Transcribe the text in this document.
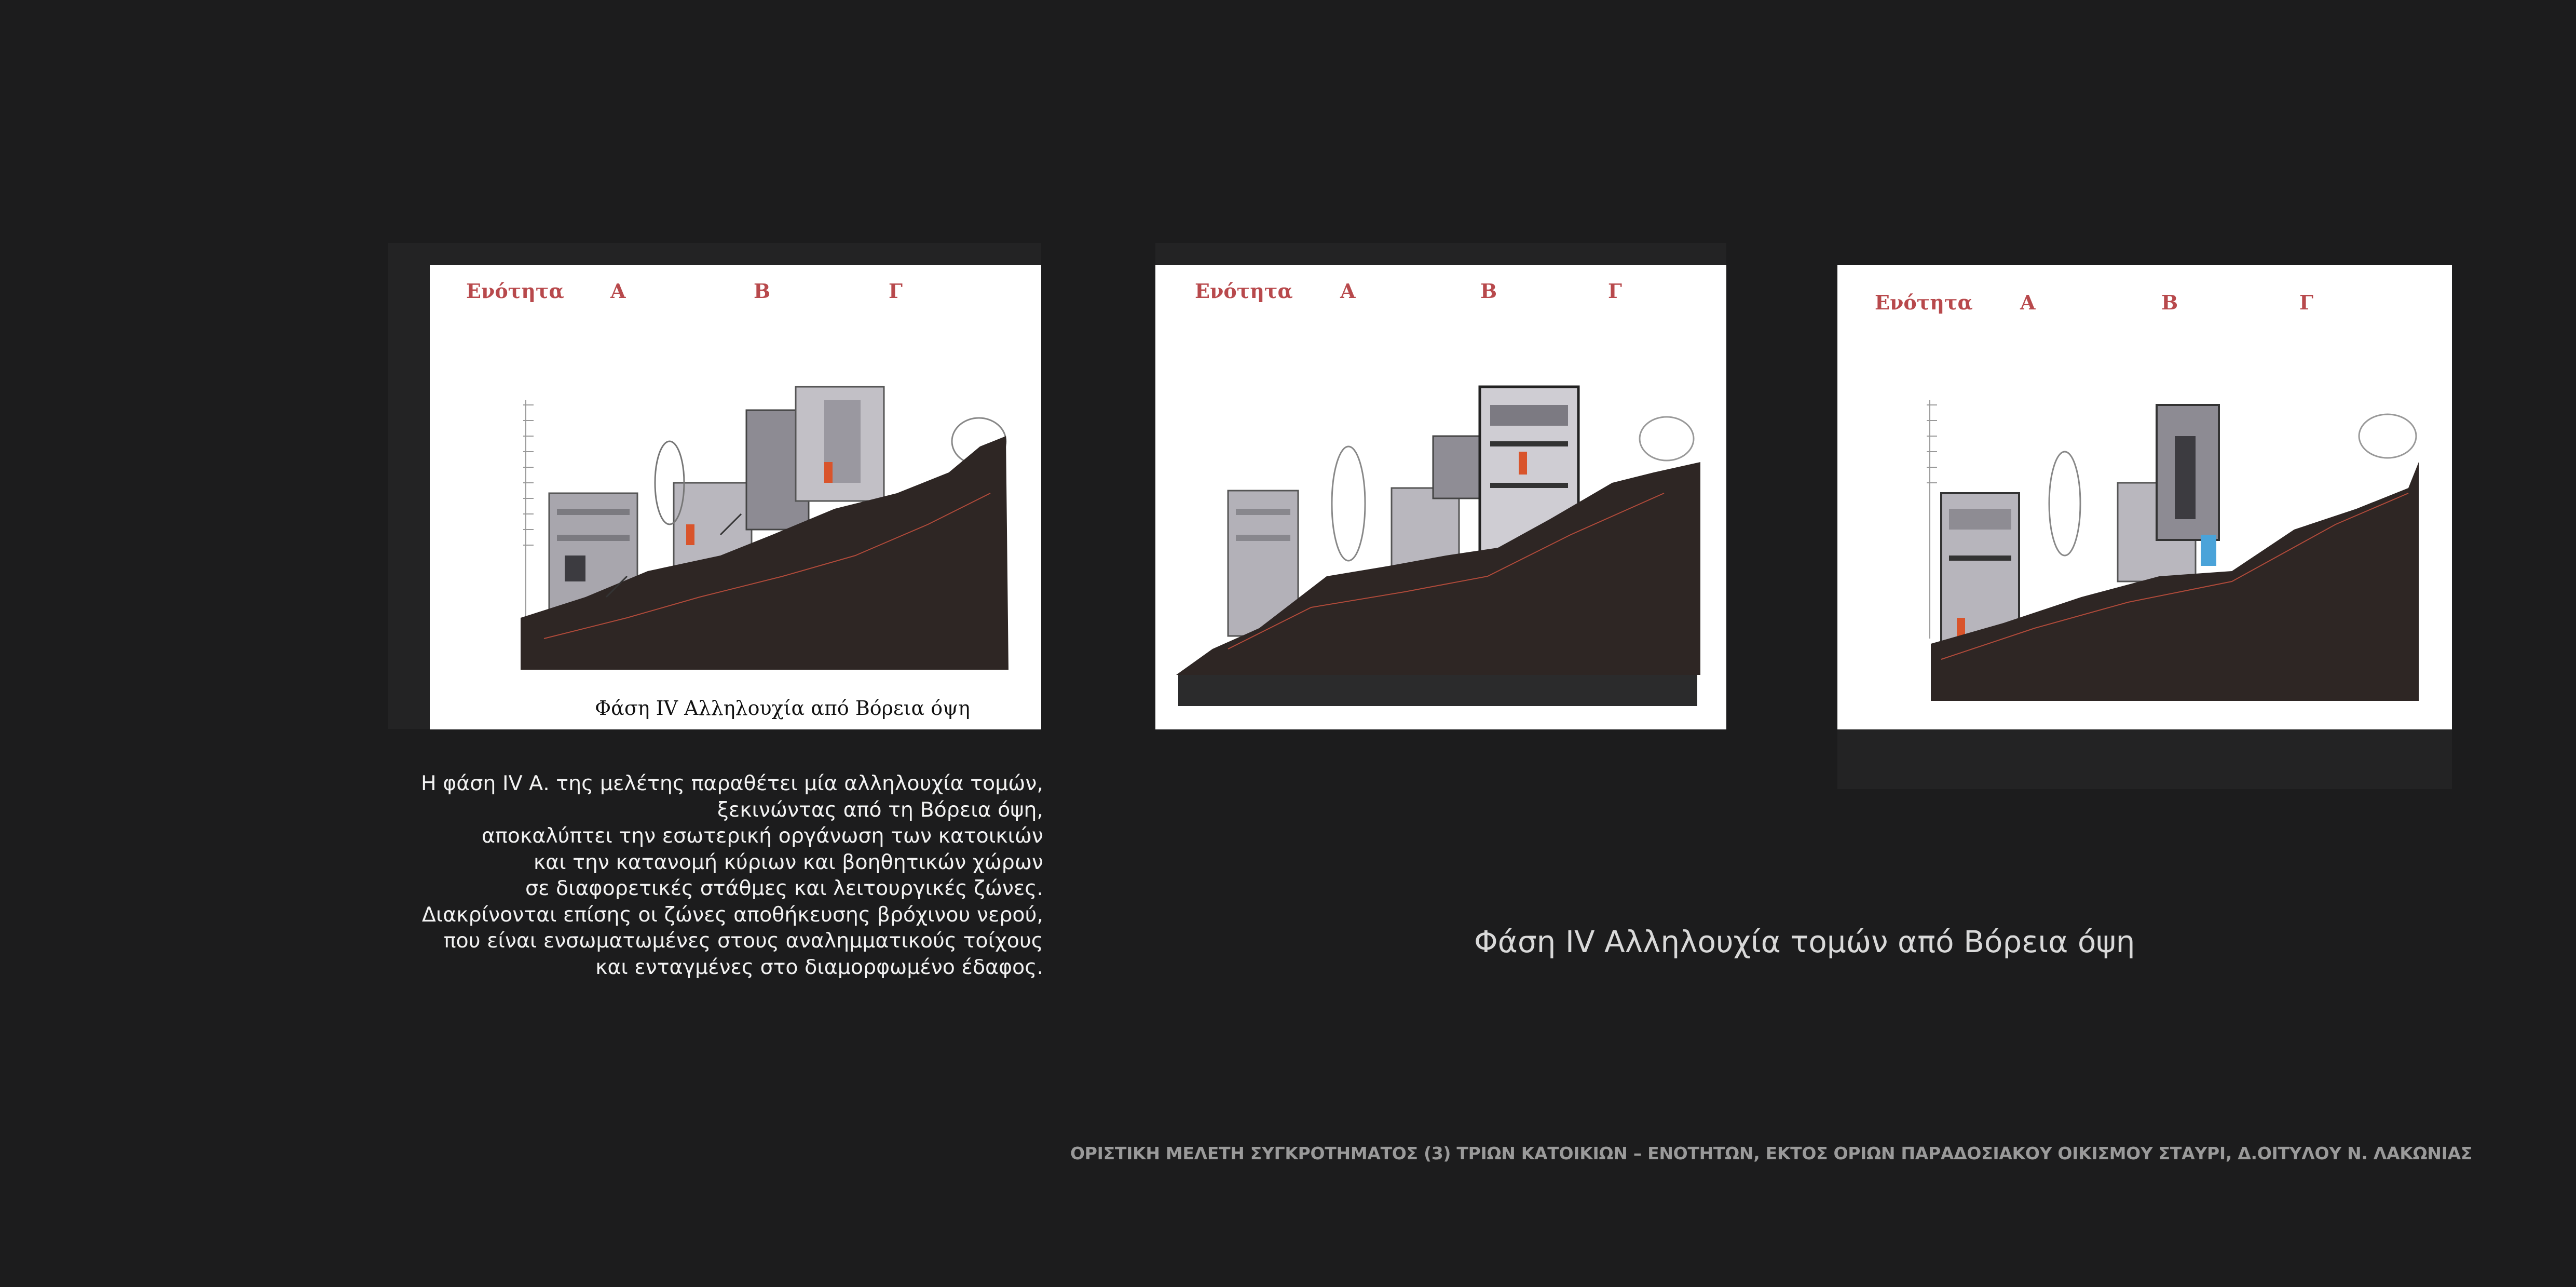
Ενότητα Α	Β	Γ
Φάση IV Αλληλουχία από Βόρεια όψη
Ενότητα Α	Β	Γ	Ενότητα Α	Β	Γ
Η φάση IV Α. της μελέτης παραθέτει μία αλληλουχία τομών,
ξεκινώντας από τη Βόρεια όψη,
αποκαλύπτει την εσωτερική οργάνωση των κατοικιών
και την κατανομή κύριων και βοηθητικών χώρων
σε διαφορετικές στάθμες και λειτουργικές ζώνες.
Διακρίνονται επίσης οι ζώνες αποθήκευσης βρόχινου νερού,
που είναι ενσωματωμένες στους αναλημματικούς τοίχους
και ενταγμένες στο διαμορφωμένο έδαφος.
Φάση IV Αλληλουχία τομών από Βόρεια όψη
ΟΡΙΣΤΙΚΗ ΜΕΛΕΤΗ ΣΥΓΚΡΟΤΗΜΑΤΟΣ (3) ΤΡΙΩΝ ΚΑΤΟΙΚΙΩΝ – ΕΝΟΤΗΤΩΝ, ΕΚΤΟΣ ΟΡΙΩΝ ΠΑΡΑΔΟΣΙΑΚΟΥ ΟΙΚΙΣΜΟΥ ΣΤΑΥΡΙ, Δ.ΟΙΤΥΛΟΥ Ν. ΛΑΚΩΝΙΑΣ
